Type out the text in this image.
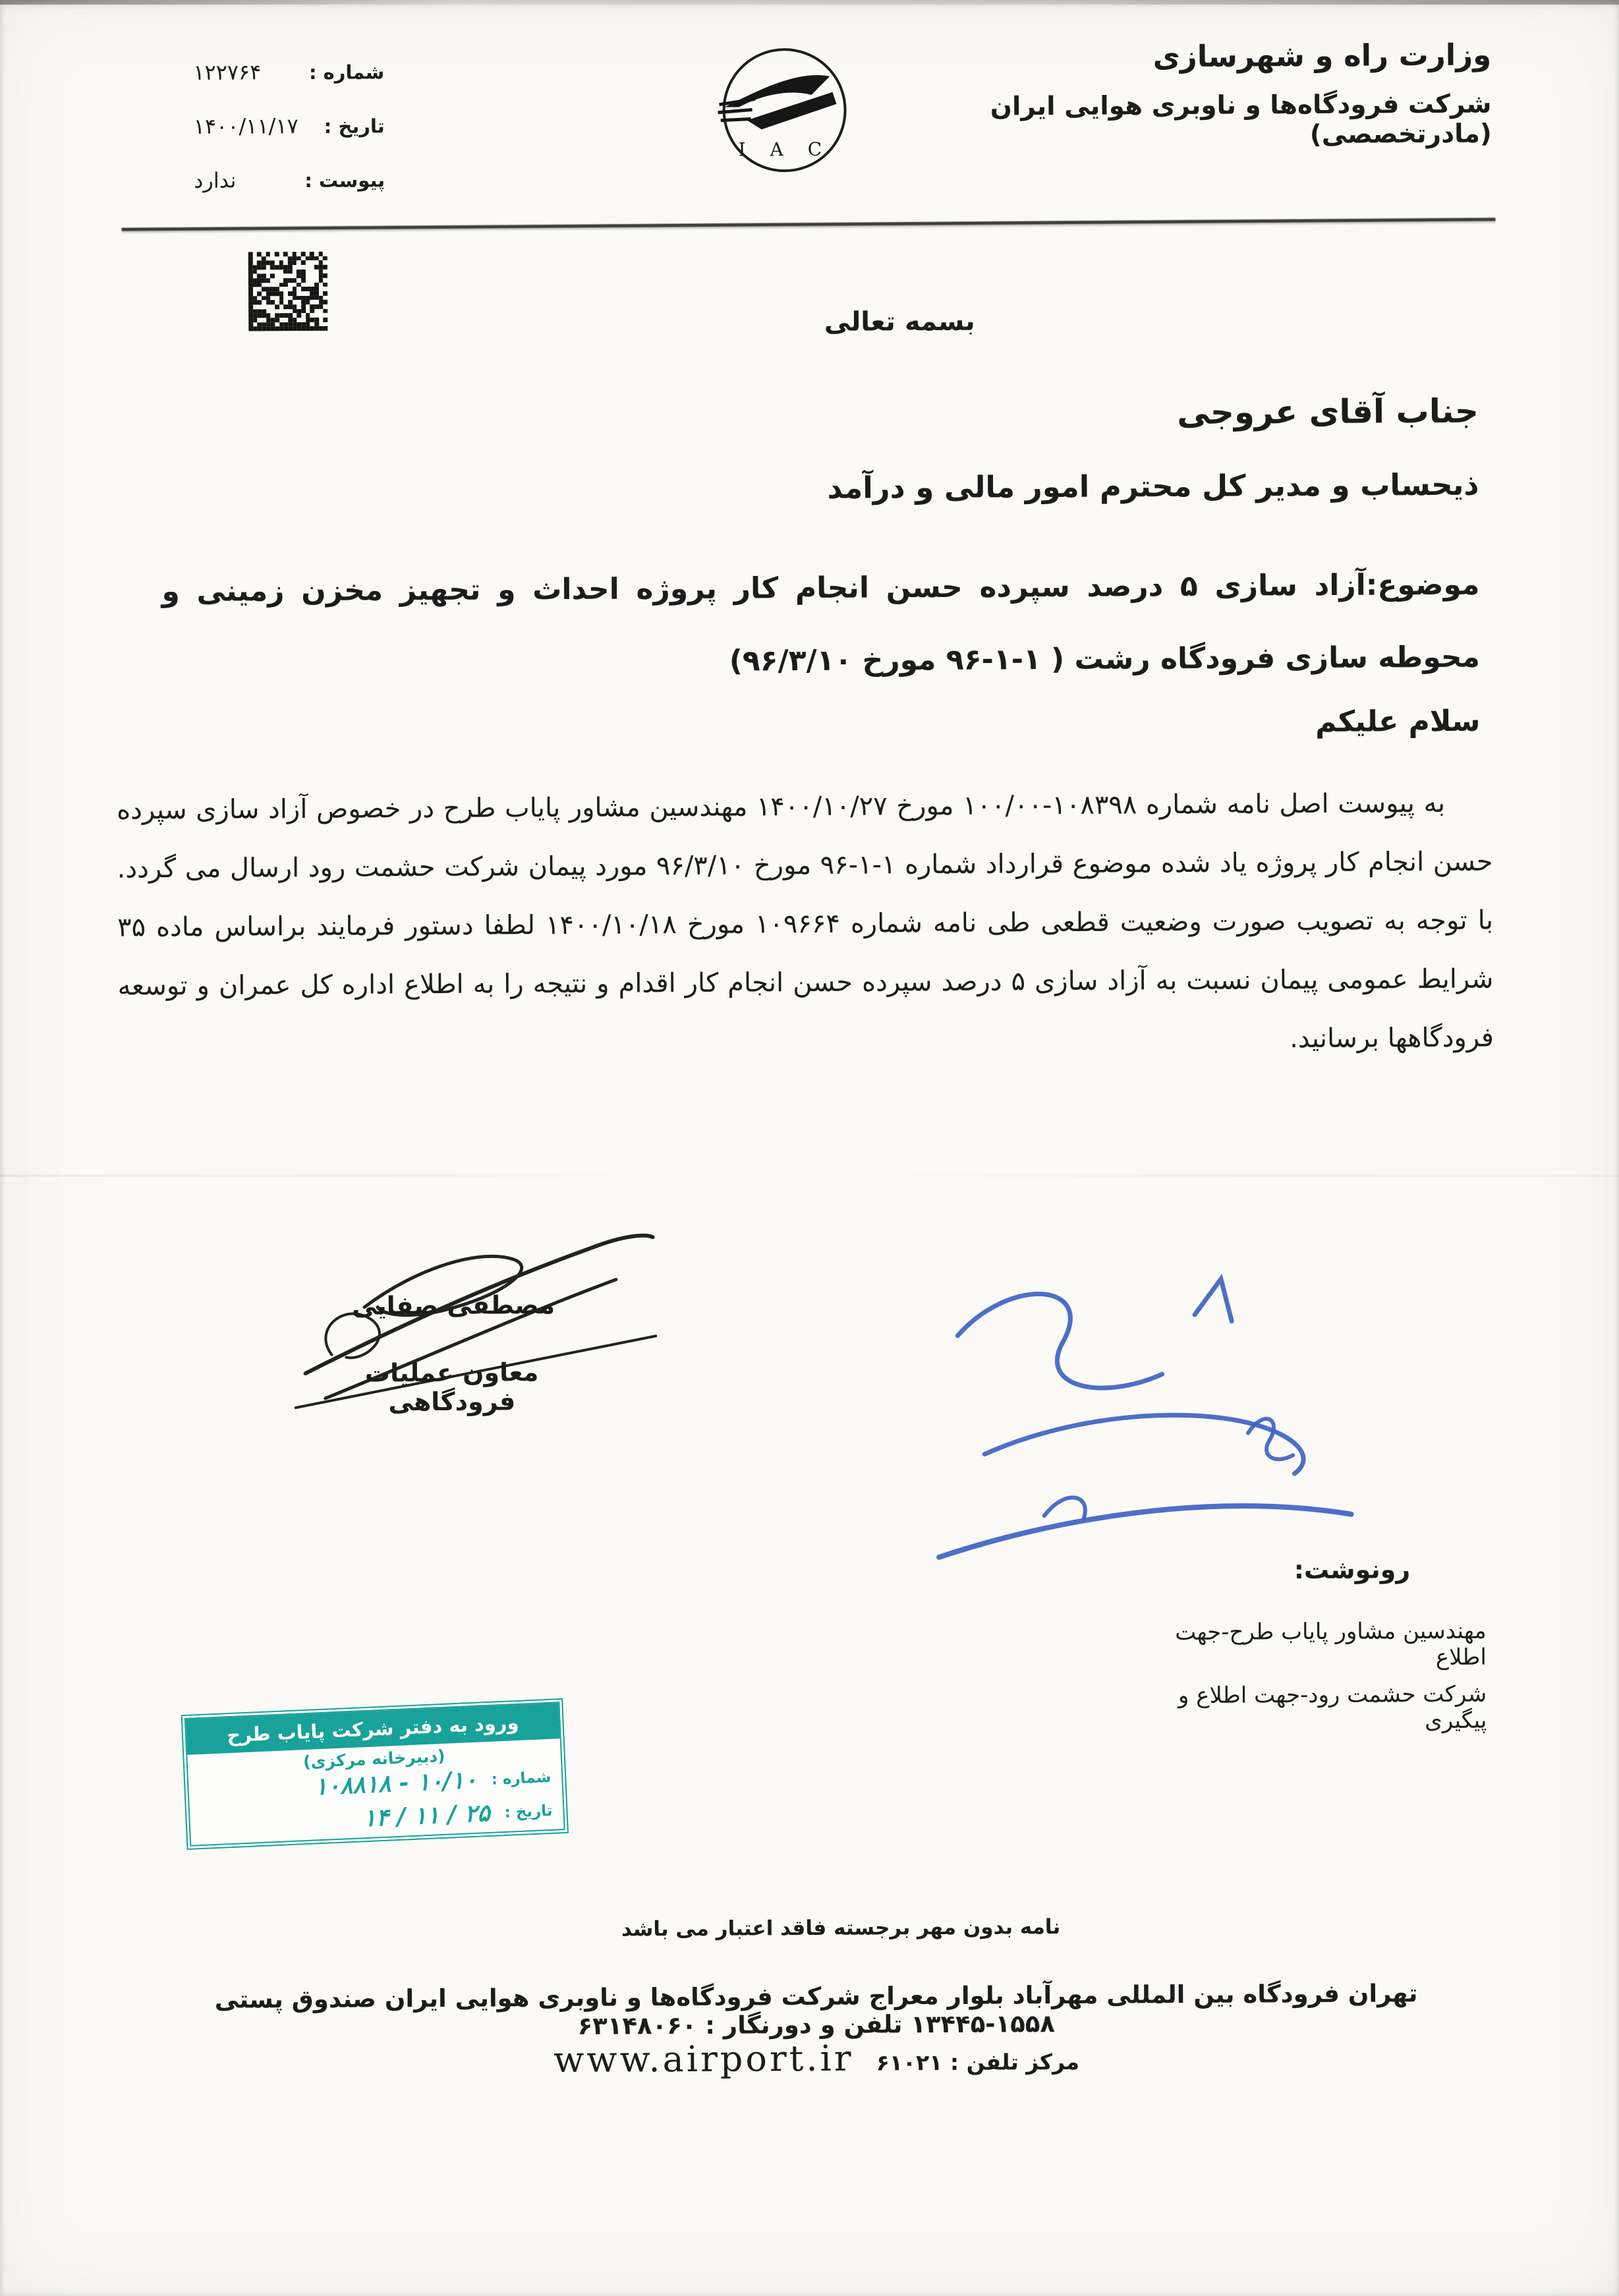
شماره :
۱۲۲۷۶۴
تاریخ :
۱۴۰۰/۱۱/۱۷
پیوست :
ندارد
I A C
وزارت راه و شهرسازی
شرکت فرودگاه‌ها و ناوبری هوایی ایران (مادرتخصصی)
بسمه تعالی
جناب آقای عروجی
ذیحساب و مدیر کل محترم امور مالی و درآمد
موضوع:آزاد سازی ۵ درصد سپرده حسن انجام کار پروژه احداث و تجهیز مخزن زمینی و محوطه سازی فرودگاه رشت ( ۱-۱-۹۶ مورخ ۹۶/۳/۱۰)
سلام علیکم
به پیوست اصل نامه شماره ۱۰۸۳۹۸-۱۰۰/۰۰ مورخ ۱۴۰۰/۱۰/۲۷ مهندسین مشاور پایاب طرح در خصوص آزاد سازی سپرده حسن انجام کار پروژه یاد شده موضوع قرارداد شماره ۱-۱-۹۶ مورخ ۹۶/۳/۱۰ مورد پیمان شرکت حشمت رود ارسال می گردد. با توجه به تصویب صورت وضعیت قطعی طی نامه شماره ۱۰۹۶۶۴ مورخ ۱۴۰۰/۱۰/۱۸ لطفا دستور فرمایند براساس ماده ۳۵ شرایط عمومی پیمان نسبت به آزاد سازی ۵ درصد سپرده حسن انجام کار اقدام و نتیجه را به اطلاع اداره کل عمران و توسعه فرودگاهها برسانید.
مصطفی صفایی
معاون عملیات فرودگاهی
رونوشت:
مهندسین مشاور پایاب طرح-جهت اطلاع
شرکت حشمت رود-جهت اطلاع و پیگیری
ورود به دفتر شرکت پایاب طرح
(دبیرخانه مرکزی)
شماره :
۱۰/۱۰ - ۱۰۸۸۱۸
تاریخ :
۲۵ / ۱۱ / ۱۴
نامه بدون مهر برجسته فاقد اعتبار می باشد
تهران فرودگاه بین المللی مهرآباد بلوار معراج شرکت فرودگاه‌ها و ناوبری هوایی ایران صندوق پستی ۱۵۵۸-۱۳۴۴۵ تلفن و دورنگار : ۶۳۱۴۸۰۶۰
مرکز تلفن : ۶۱۰۲۱
www.airport.ir
